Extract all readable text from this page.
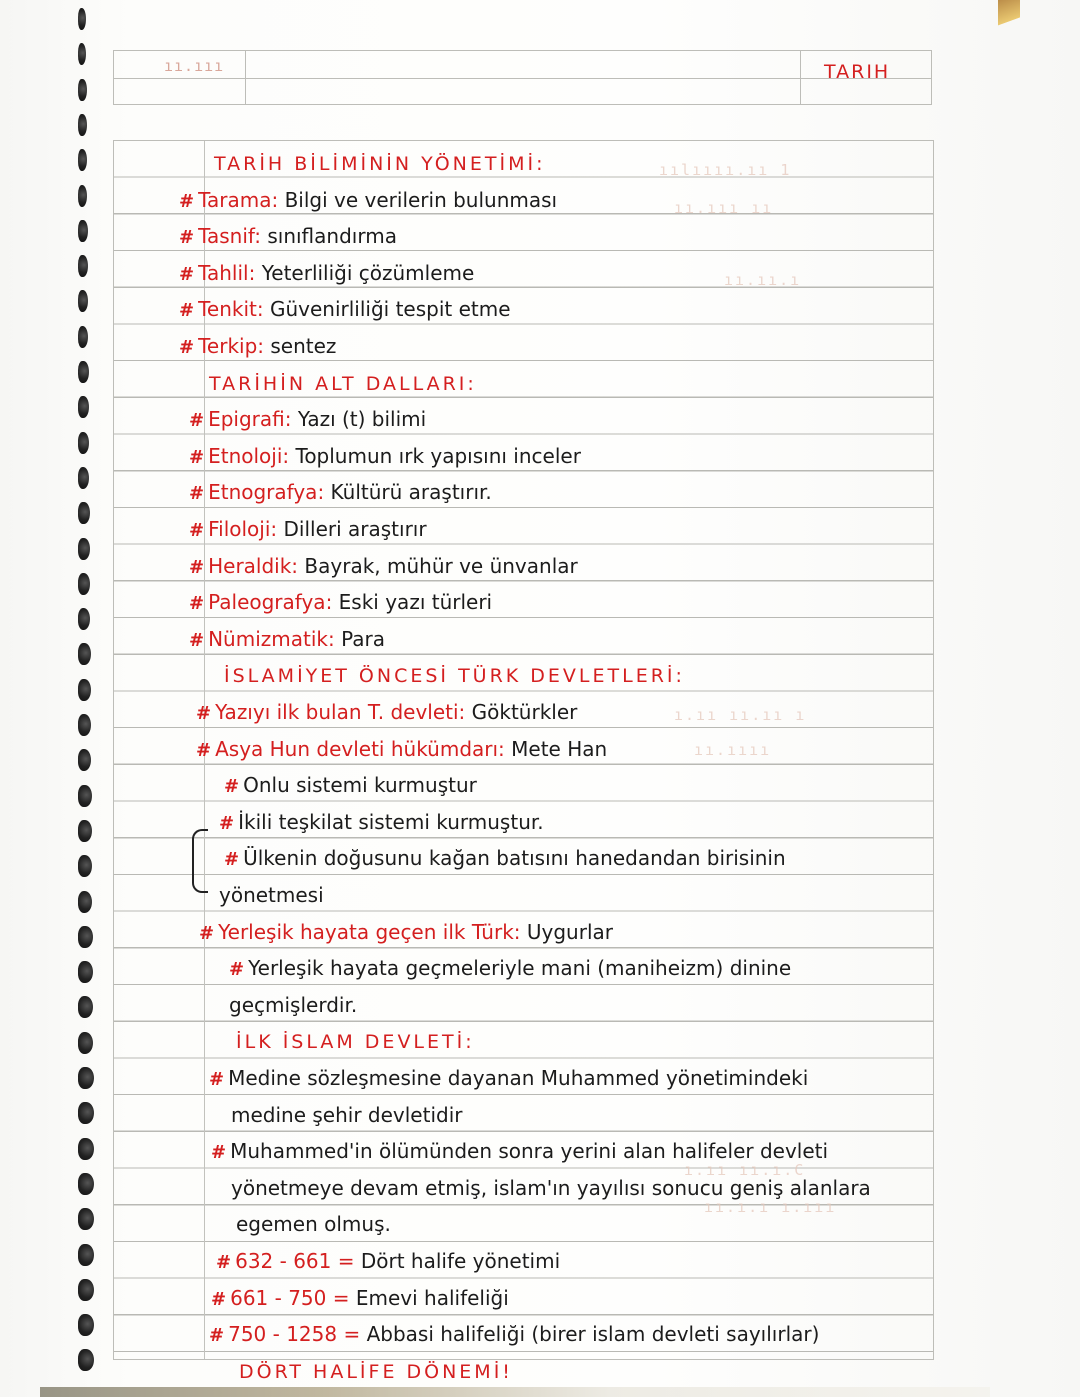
ıı.ııı	TARIH
ıılıııı.ıı 1
ıı.ııı ıı
ıı.ıı.ı
ı.ıı ıı.ıı ı
ıı.ıııı
ı.ıı ıı.ı.C
ıı.ı.ı ı.ııı
TARİH BİLİMİNİN YÖNETİMİ:
# Tarama: Bilgi ve verilerin bulunması
# Tasnif: sınıflandırma
# Tahlil: Yeterliliği çözümleme
# Tenkit: Güvenirliliği tespit etme
# Terkip: sentez
TARİHİN ALT DALLARI:
# Epigrafi: Yazı (t) bilimi
# Etnoloji: Toplumun ırk yapısını inceler
# Etnografya: Kültürü araştırır.
# Filoloji: Dilleri araştırır
# Heraldik: Bayrak, mühür ve ünvanlar
# Paleografya: Eski yazı türleri
# Nümizmatik: Para
İSLAMİYET ÖNCESİ TÜRK DEVLETLERİ:
# Yazıyı ilk bulan T. devleti: Göktürkler
# Asya Hun devleti hükümdarı: Mete Han
# Onlu sistemi kurmuştur
# İkili teşkilat sistemi kurmuştur.
# Ülkenin doğusunu kağan batısını hanedandan birisinin
yönetmesi
# Yerleşik hayata geçen ilk Türk: Uygurlar
# Yerleşik hayata geçmeleriyle mani (maniheizm) dinine
geçmişlerdir.
İLK İSLAM DEVLETİ:
# Medine sözleşmesine dayanan Muhammed yönetimindeki
medine şehir devletidir
# Muhammed'in ölümünden sonra yerini alan halifeler devleti
yönetmeye devam etmiş, islam'ın yayılısı sonucu geniş alanlara
egemen olmuş.
# 632 - 661 = Dört halife yönetimi
# 661 - 750 = Emevi halifeliği
# 750 - 1258 = Abbasi halifeliği (birer islam devleti sayılırlar)
DÖRT HALİFE DÖNEMİ!
